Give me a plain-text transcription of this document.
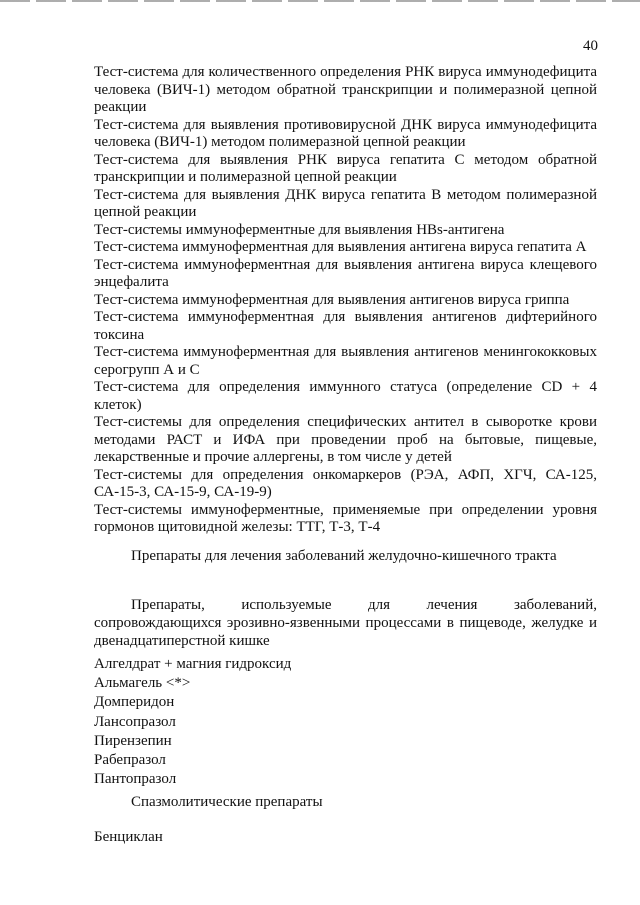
40
Тест-система для количественного определения РНК вируса иммунодефицита человека (ВИЧ-1) методом обратной транскрипции и полимеразной цепной реакции
Тест-система для выявления противовирусной ДНК вируса иммунодефицита человека (ВИЧ-1) методом полимеразной цепной реакции
Тест-система для выявления РНК вируса гепатита С методом обратной транскрипции и полимеразной цепной реакции
Тест-система для выявления ДНК вируса гепатита В методом полимеразной цепной реакции
Тест-системы иммуноферментные для выявления HBs-антигена
Тест-система иммуноферментная для выявления антигена вируса гепатита А
Тест-система иммуноферментная для выявления антигена вируса клещевого энцефалита
Тест-система иммуноферментная для выявления антигенов вируса гриппа
Тест-система иммуноферментная для выявления антигенов дифтерийного токсина
Тест-система иммуноферментная для выявления антигенов менингококковых серогрупп А и С
Тест-система для определения иммунного статуса (определение CD + 4 клеток)
Тест-системы для определения специфических антител в сыворотке крови методами РАСТ и ИФА при проведении проб на бытовые, пищевые, лекарственные и прочие аллергены, в том числе у детей
Тест-системы для определения онкомаркеров (РЭА, АФП, ХГЧ, СА-125, СА-15-3, СА-15-9, СА-19-9)
Тест-системы иммуноферментные, применяемые при определении уровня гормонов щитовидной железы: ТТГ, Т-3, Т-4
Препараты для лечения заболеваний желудочно-кишечного тракта

Препараты, используемые для лечения заболеваний, сопровождающихся эрозивно-язвенными процессами в пищеводе, желудке и двенадцатиперстной кишке

Алгелдрат + магния гидроксид
Альмагель <*>
Домперидон
Лансопразол
Пирензепин
Рабепразол
Пантопразол
Спазмолитические препараты
Бенциклан
